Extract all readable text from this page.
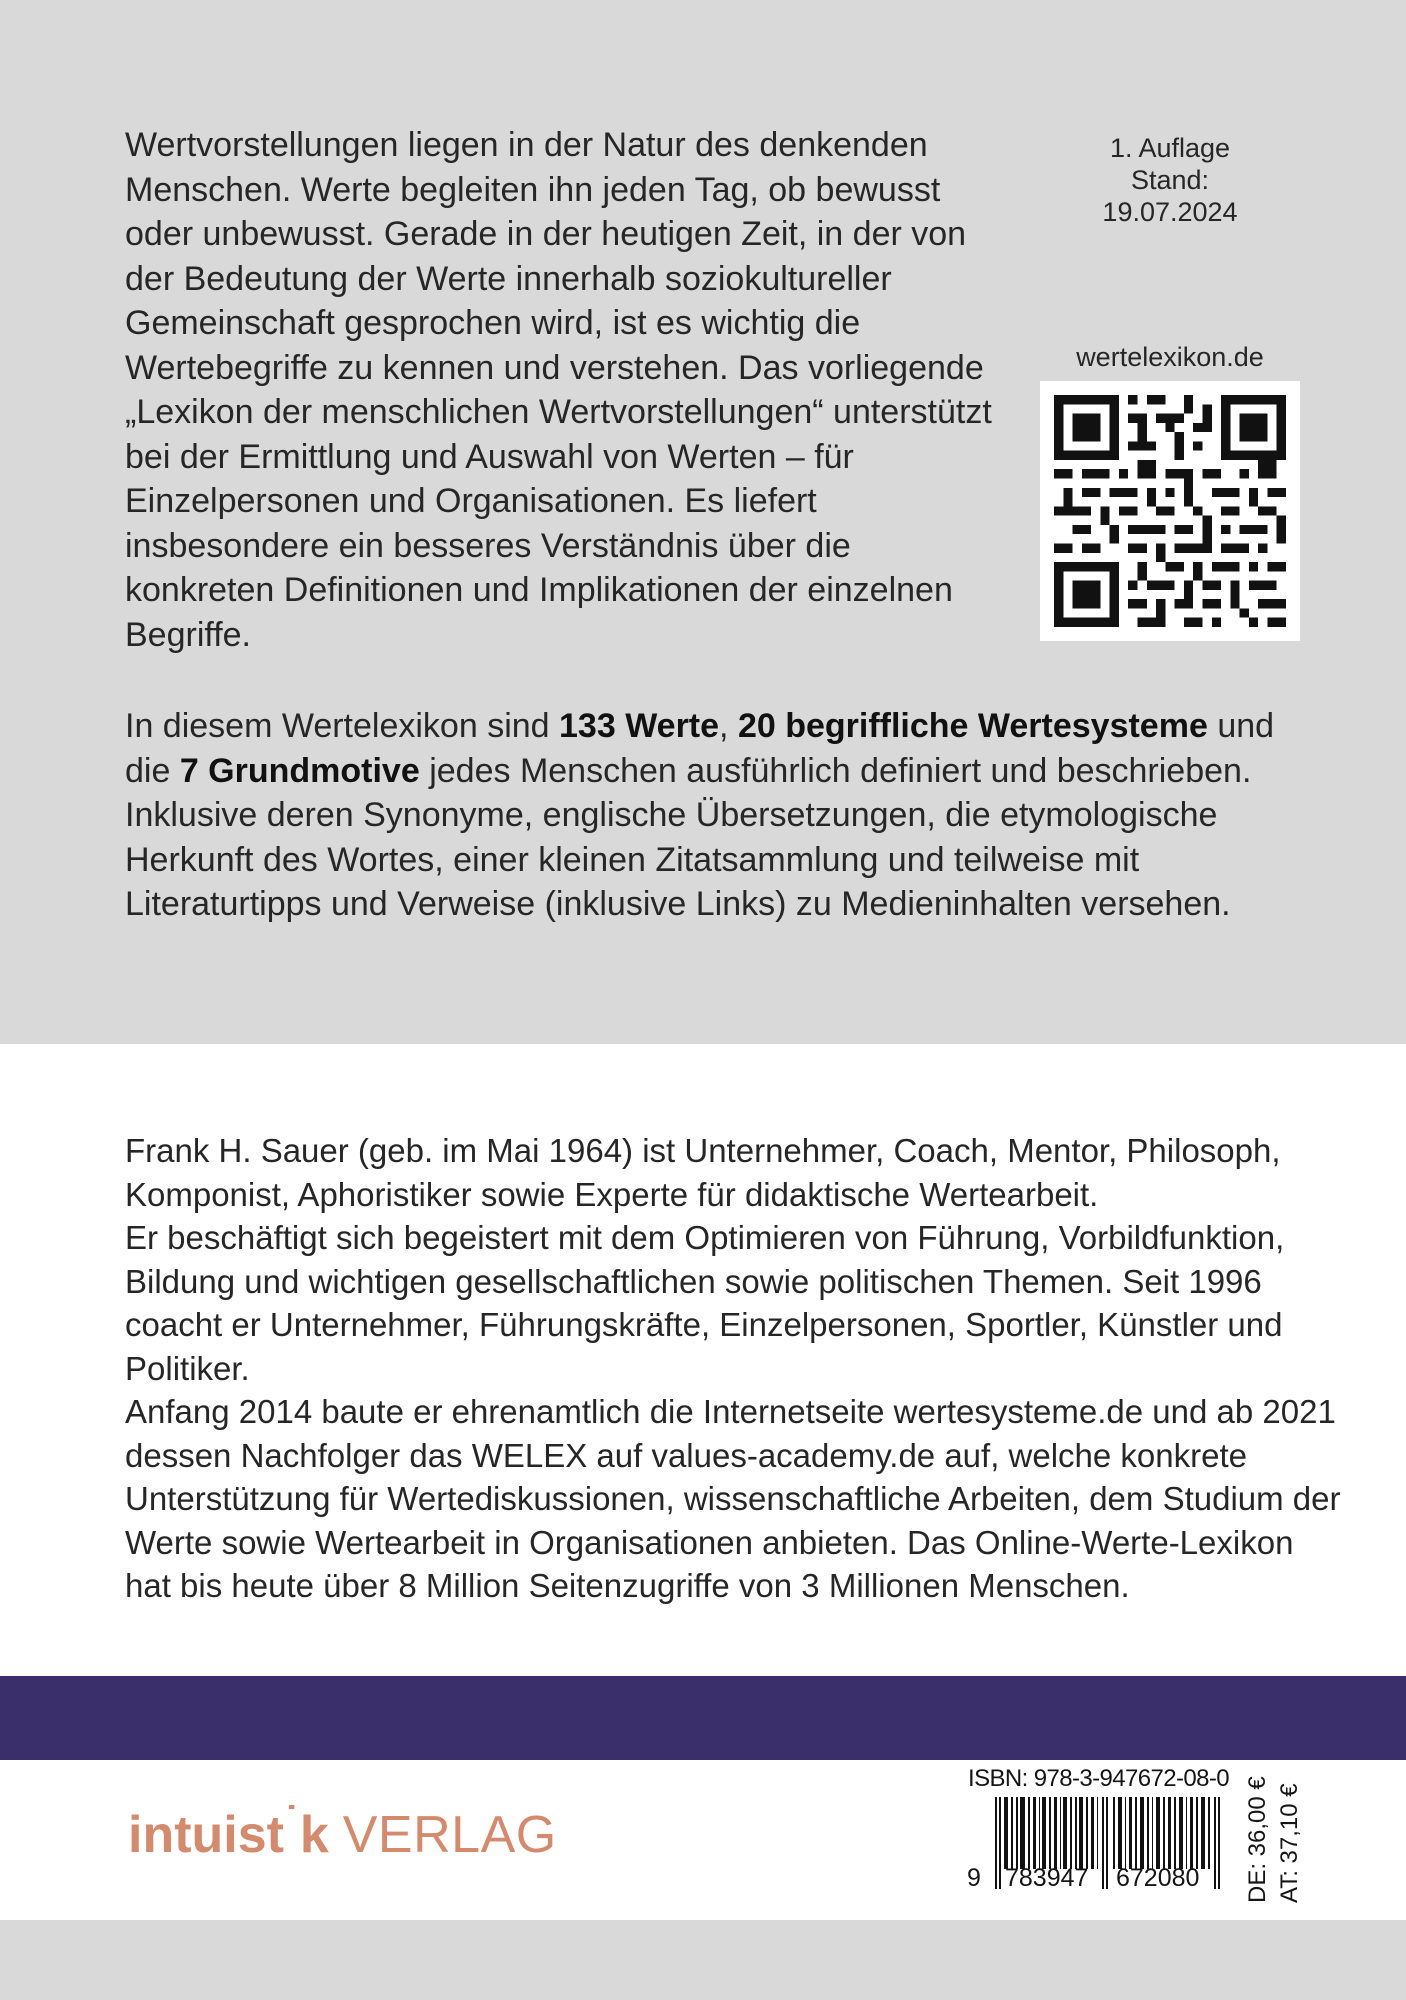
Wertvorstellungen liegen in der Natur des denkenden Menschen. Werte begleiten ihn jeden Tag, ob bewusst oder unbewusst. Gerade in der heutigen Zeit, in der von der Bedeutung der Werte innerhalb soziokultureller Gemeinschaft gesprochen wird, ist es wichtig die Wertebegriffe zu kennen und verstehen. Das vorliegende „Lexikon der menschlichen Wertvorstellungen“ unterstützt bei der Ermittlung und Auswahl von Werten – für Einzelpersonen und Organisationen. Es liefert insbesondere ein besseres Verständnis über die konkreten Definitionen und Implikationen der einzelnen Begriffe.
1. Auflage
Stand:
19.07.2024
wertelexikon.de
In diesem Wertelexikon sind 133 Werte, 20 begriffliche Wertesysteme und die 7 Grundmotive jedes Menschen ausführlich definiert und beschrieben. Inklusive deren Synonyme, englische Übersetzungen, die etymologische Herkunft des Wortes, einer kleinen Zitatsammlung und teilweise mit Literaturtipps und Verweise (inklusive Links) zu Medieninhalten versehen.
Frank H. Sauer (geb. im Mai 1964) ist Unternehmer, Coach, Mentor, Philosoph, Komponist, Aphoristiker sowie Experte für didaktische Wertearbeit.
Er beschäftigt sich begeistert mit dem Optimieren von Führung, Vorbildfunktion, Bildung und wichtigen gesellschaftlichen sowie politischen Themen. Seit 1996 coacht er Unternehmer, Führungskräfte, Einzelpersonen, Sportler, Künstler und Politiker.
Anfang 2014 baute er ehrenamtlich die Internetseite wertesysteme.de und ab 2021 dessen Nachfolger das WELEX auf values-academy.de auf, welche konkrete Unterstützung für Wertediskussionen, wissenschaftliche Arbeiten, dem Studium der Werte sowie Wertearbeit in Organisationen anbieten. Das Online-Werte-Lexikon hat bis heute über 8 Million Seitenzugriffe von 3 Millionen Menschen.
intuist˙k VERLAG
ISBN: 978-3-947672-08-0
9 783947 672080 DE: 36,00 € AT: 37,10 €
